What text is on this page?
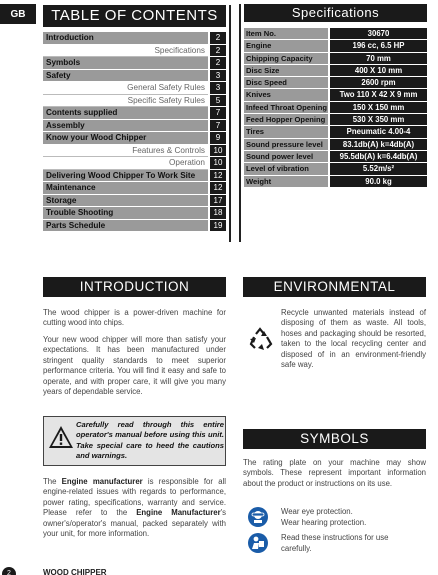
GB	TABLE OF CONTENTS
Introduction	2
Specifications	2
Symbols	2
Safety	3
General Safety Rules	3
Specific Safety Rules	5
Contents supplied	7
Assembly	7
Know your Wood Chipper	9
Features & Controls	10
Operation	10
Delivering Wood Chipper To Work Site	12
Maintenance	12
Storage	17
Trouble Shooting	18
Parts Schedule	19
Specifications
Item No.	30670
Engine	196 cc, 6.5 HP
Chipping Capacity	70 mm
Disc Size	400 X 10 mm
Disc Speed	2600 rpm
Knives	Two 110 X 42 X 9 mm
Infeed Throat Opening	150 X 150 mm
Feed Hopper Opening	530 X 350 mm
Tires	Pneumatic 4.00-4
Sound pressure level	83.1db(A) k=4db(A)
Sound power level	95.5db(A) k=6.4db(A)
Level of vibration	5.52m/s²
Weight	90.0 kg
INTRODUCTION

The wood chipper is a power-driven machine for cutting wood into chips.

Your new wood chipper will more than satisfy your expectations. It has been manufactured under stringent quality standards to meet superior performance criteria. You will find it easy and safe to operate, and with proper care, it will give you many years of dependable service.

Carefully read through this entire operator's manual before using this unit. Take special care to heed the cautions and warnings.

The Engine manufacturer is responsible for all engine-related issues with regards to performance, power rating, specifications, warranty and service. Please refer to the Engine Manufacturer's owner's/operator's manual, packed separately with your unit, for more information.

ENVIRONMENTAL

Recycle unwanted materials instead of disposing of them as waste. All tools, hoses and packaging should be resorted, taken to the local recycling center and disposed of in an environment-friendly safe way.

SYMBOLS

The rating plate on your machine may show symbols. These represent important information about the product or instructions on its use.

Wear eye protection.
Wear hearing protection.
Read these instructions for use
carefully.
2	WOOD CHIPPER
